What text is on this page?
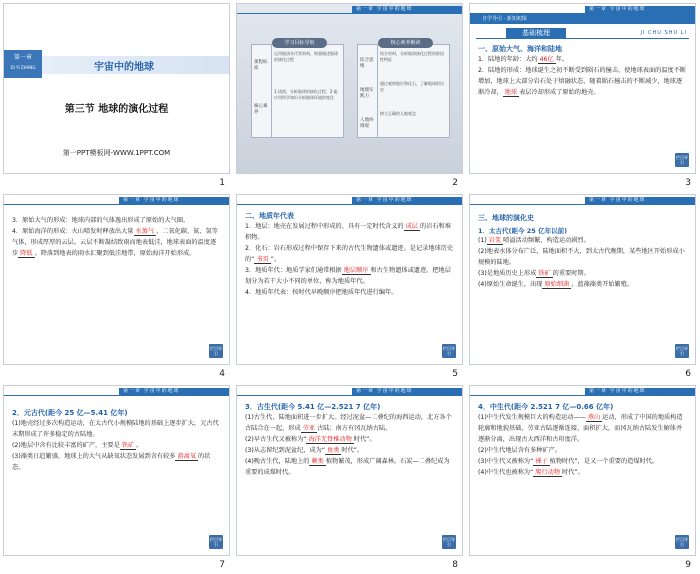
第一章
DI YI ZHANG	宇宙中的地球
第三节 地球的演化过程
第一PPT模板网-WWW.1PPT.COM
1
第一章 宇宙中的地球
学习目标导航
课程标准
核心素养
运用地质年代等资料，简要描述地球的演化过程
1.读图，分析地球的演化过程；2.能应用所学知识分析地球环境的变化
核心素养解读
综合思维
地理实践力
人地协调观
结合材料，分析地球演化过程的阶段性特征
通过观察地层和化石，了解地球的历史
树立正确的人地观念
2
第一章 宇宙中的地球
自学导引 · 新知初探
基础梳理	JI CHU SHU LI
一、原始大气、海洋和陆地
1．陆地的年龄：大约 46亿 年。
2．陆地的形成：地球诞生之初不断受到陨石的撞击，使地球表面的温度不断增加，地球上大部分岩石处于熔融状态，随着陨石撞击的不断减少，地球逐渐冷却， 地球 表层冷却形成了原始的地壳。
栏目导引
3
第一章 宇宙中的地球
3．原始大气的形成：地球内部的气体逸出形成了原始的大气圈。
4．原始海洋的形成：火山喷发时释放出大量 水蒸气 、二氧化碳、氮、氢等气体，形成厚厚的云层。云层不断凝结致雨而地表低洼，地球表面的温度逐步 降低 。降落到地表的雨水汇聚到低洼地带，原始海洋开始形成。
栏目导引
4
第一章 宇宙中的地球
二、地质年代表
1．地层：地壳在发展过程中形成的、具有一定时代含义的 成层 的岩石和堆积物。
2．化石：岩石形成过程中保存下来的古代生物遗体或遗迹。是记录地球历史的“ 书页 ”。
3．地质年代：地质学家们通常根据 地层顺序 和古生物遗体或遗迹，把地层划分为若干大小不同的单位，称为地质年代。
4．地质年代表：按时代早晚顺序把地质年代进行编年。
栏目导引
5
第一章 宇宙中的地球
三、地球的演化史
1．太古代(距今 25 亿年以前)
(1) 岩浆 喷溢活动频繁，构造运动剧烈。
(2)地表水体分布广泛，陆地面积不大，到太古代晚期，某些地区开始形成小规模的陆地。
(3)是地质历史上形成 铁矿 的重要时期。
(4)原始生命诞生，出现 原始细菌 ，蓝藻藻类开始繁殖。
栏目导引
6
第一章 宇宙中的地球
2．元古代(距今 25 亿—5.41 亿年)
(1)地壳经过多次构造运动，在太古代小规模陆地的基础上逐步扩大，元古代末期形成了许多稳定的古陆地。
(2)地层中含有比较丰富的矿产，主要是 铁矿 。
(3)藻类日趋繁盛，地球上的大气从缺氧状态发展到含有较多 游离氧 的状态。
栏目导引
7
第一章 宇宙中的地球
3．古生代(距今 5.41 亿—2.521 7 亿年)
(1)古生代，陆地面积进一步扩大。经过泥盆—二叠纪的海西运动，北方各个古陆合在一起，形成 劳亚 古陆；南方有冈瓦纳古陆。
(2)早古生代又被称为“ 海洋无脊椎动物 时代”。
(3)从志留纪到泥盆纪，成为“ 鱼类 时代”。
(4)晚古生代，陆地上的 蕨类 植物繁茂，形成广阔森林。石炭—二叠纪成为重要的成煤时代。
栏目导引
8
第一章 宇宙中的地球
4．中生代(距今 2.521 7 亿—0.66 亿年)
(1)中生代发生规模巨大的构造运动—— 燕山 运动，形成了中国的地质构造轮廓和地貌基础，劳亚古陆逐渐连接，面积扩大，而冈瓦纳古陆发生解体并逐渐分离，出现古大西洋和古印度洋。
(2)中生代地层含有多种矿产。
(3)中生代又被称为“ 裸子 植物时代”，是又一个重要的造煤时代。
(4)中生代也被称为“ 爬行动物 时代”。
栏目导引
9
